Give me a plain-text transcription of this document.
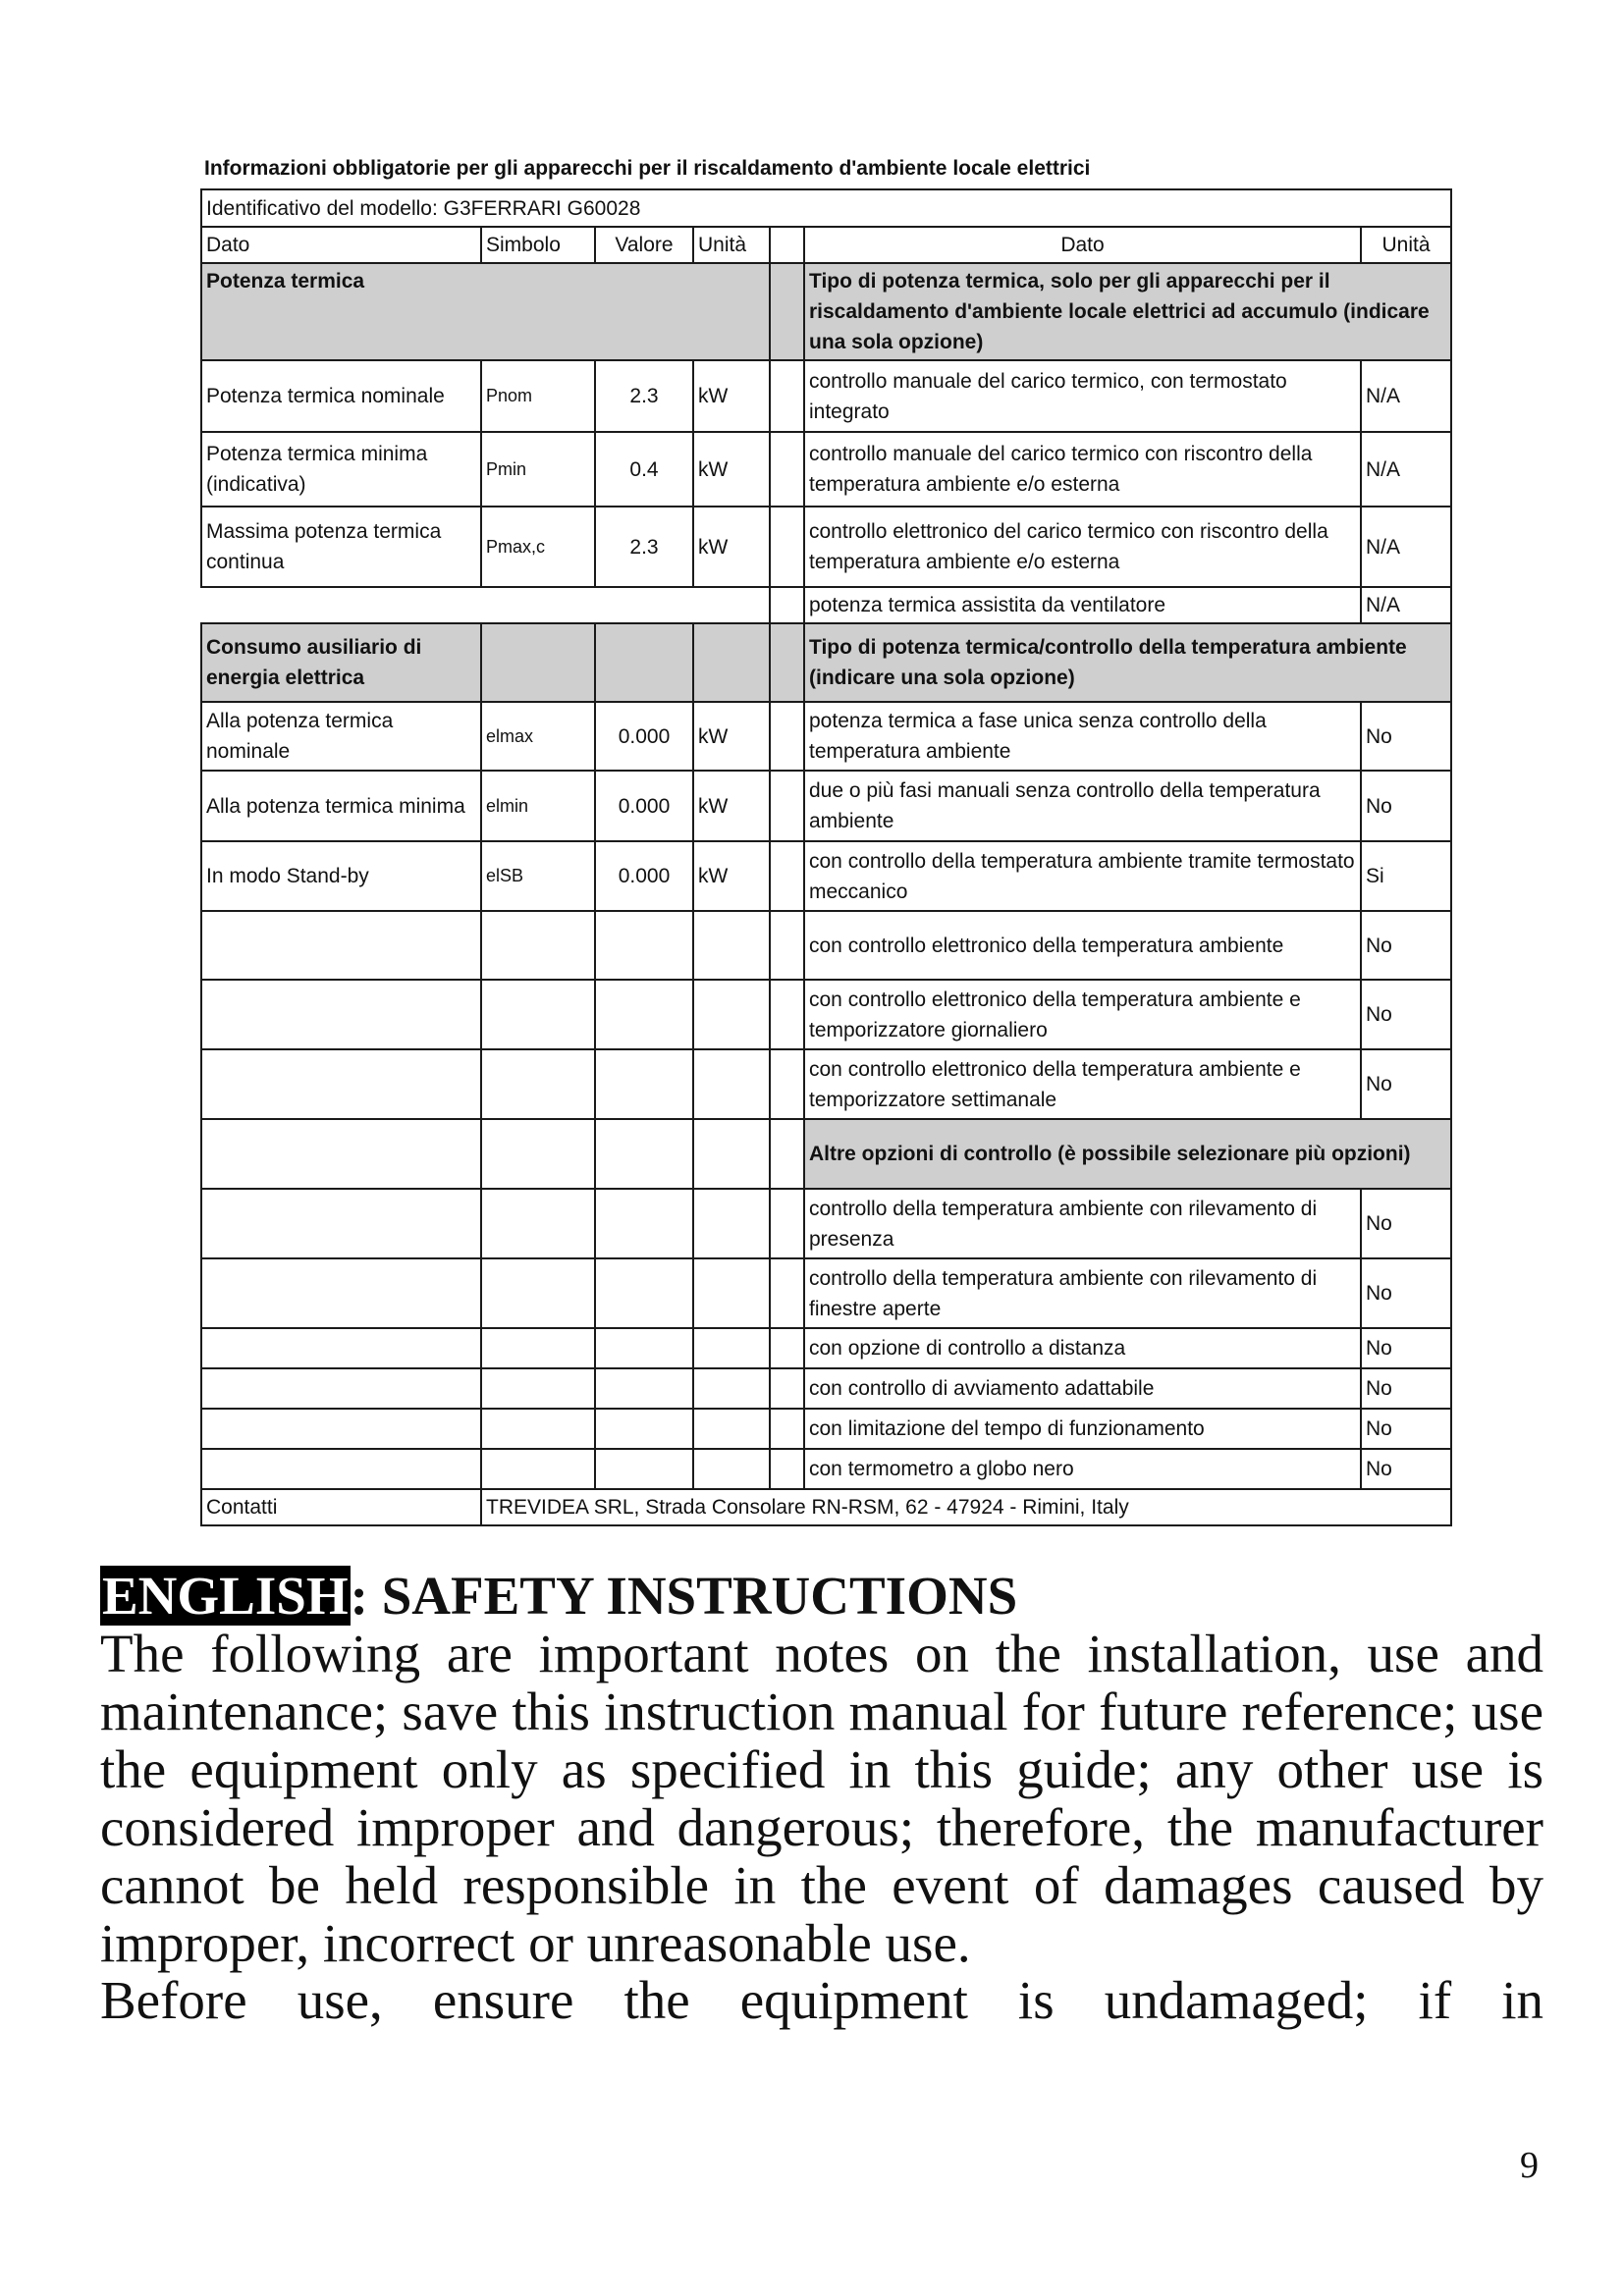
Informazioni obbligatorie per gli apparecchi per il riscaldamento d'ambiente locale elettrici
Identificativo del modello: G3FERRARI G60028						
Dato	Simbolo	Valore	Unità		Dato	Unità
Potenza termica					Tipo di potenza termica, solo per gli apparecchi per il riscaldamento d'ambiente locale elettrici ad accumulo (indicare una sola opzione)	
Potenza termica nominale	Pnom	2.3	kW		controllo manuale del carico termico, con termostato integrato	N/A
Potenza termica minima (indicativa)	Pmin	0.4	kW		controllo manuale del carico termico con riscontro della temperatura ambiente e/o esterna	N/A
Massima potenza termica continua	Pmax,c	2.3	kW		controllo elettronico del carico termico con riscontro della temperatura ambiente e/o esterna	N/A
					potenza termica assistita da ventilatore	N/A
Consumo ausiliario di energia elettrica					Tipo di potenza termica/controllo della temperatura ambiente (indicare una sola opzione)	
Alla potenza termica nominale	elmax	0.000	kW		potenza termica a fase unica senza controllo della temperatura ambiente	No
Alla potenza termica minima	elmin	0.000	kW		due o più fasi manuali senza controllo della temperatura ambiente	No
In modo Stand-by	elSB	0.000	kW		con controllo della temperatura ambiente tramite termostato meccanico	Si
					con controllo elettronico della temperatura ambiente	No
					con controllo elettronico della temperatura ambiente e temporizzatore giornaliero	No
					con controllo elettronico della temperatura ambiente e temporizzatore settimanale	No
					Altre opzioni di controllo (è possibile selezionare più opzioni)	
					controllo della temperatura ambiente con rilevamento di presenza	No
					controllo della temperatura ambiente con rilevamento di finestre aperte	No
					con opzione di controllo a distanza	No
					con controllo di avviamento adattabile	No
					con limitazione del tempo di funzionamento	No
					con termometro a globo nero	No
Contatti	TREVIDEA SRL, Strada Consolare RN-RSM, 62 - 47924 - Rimini, Italy					
ENGLISH: SAFETY INSTRUCTIONS
The following are important notes on the installation, use and maintenance; save this instruction manual for future reference; use the equipment only as specified in this guide; any other use is considered improper and dangerous; therefore, the manufacturer cannot be held responsible in the event of damages caused by improper, incorrect or unreasonable use.
Before use, ensure the equipment is undamaged; if in
9
